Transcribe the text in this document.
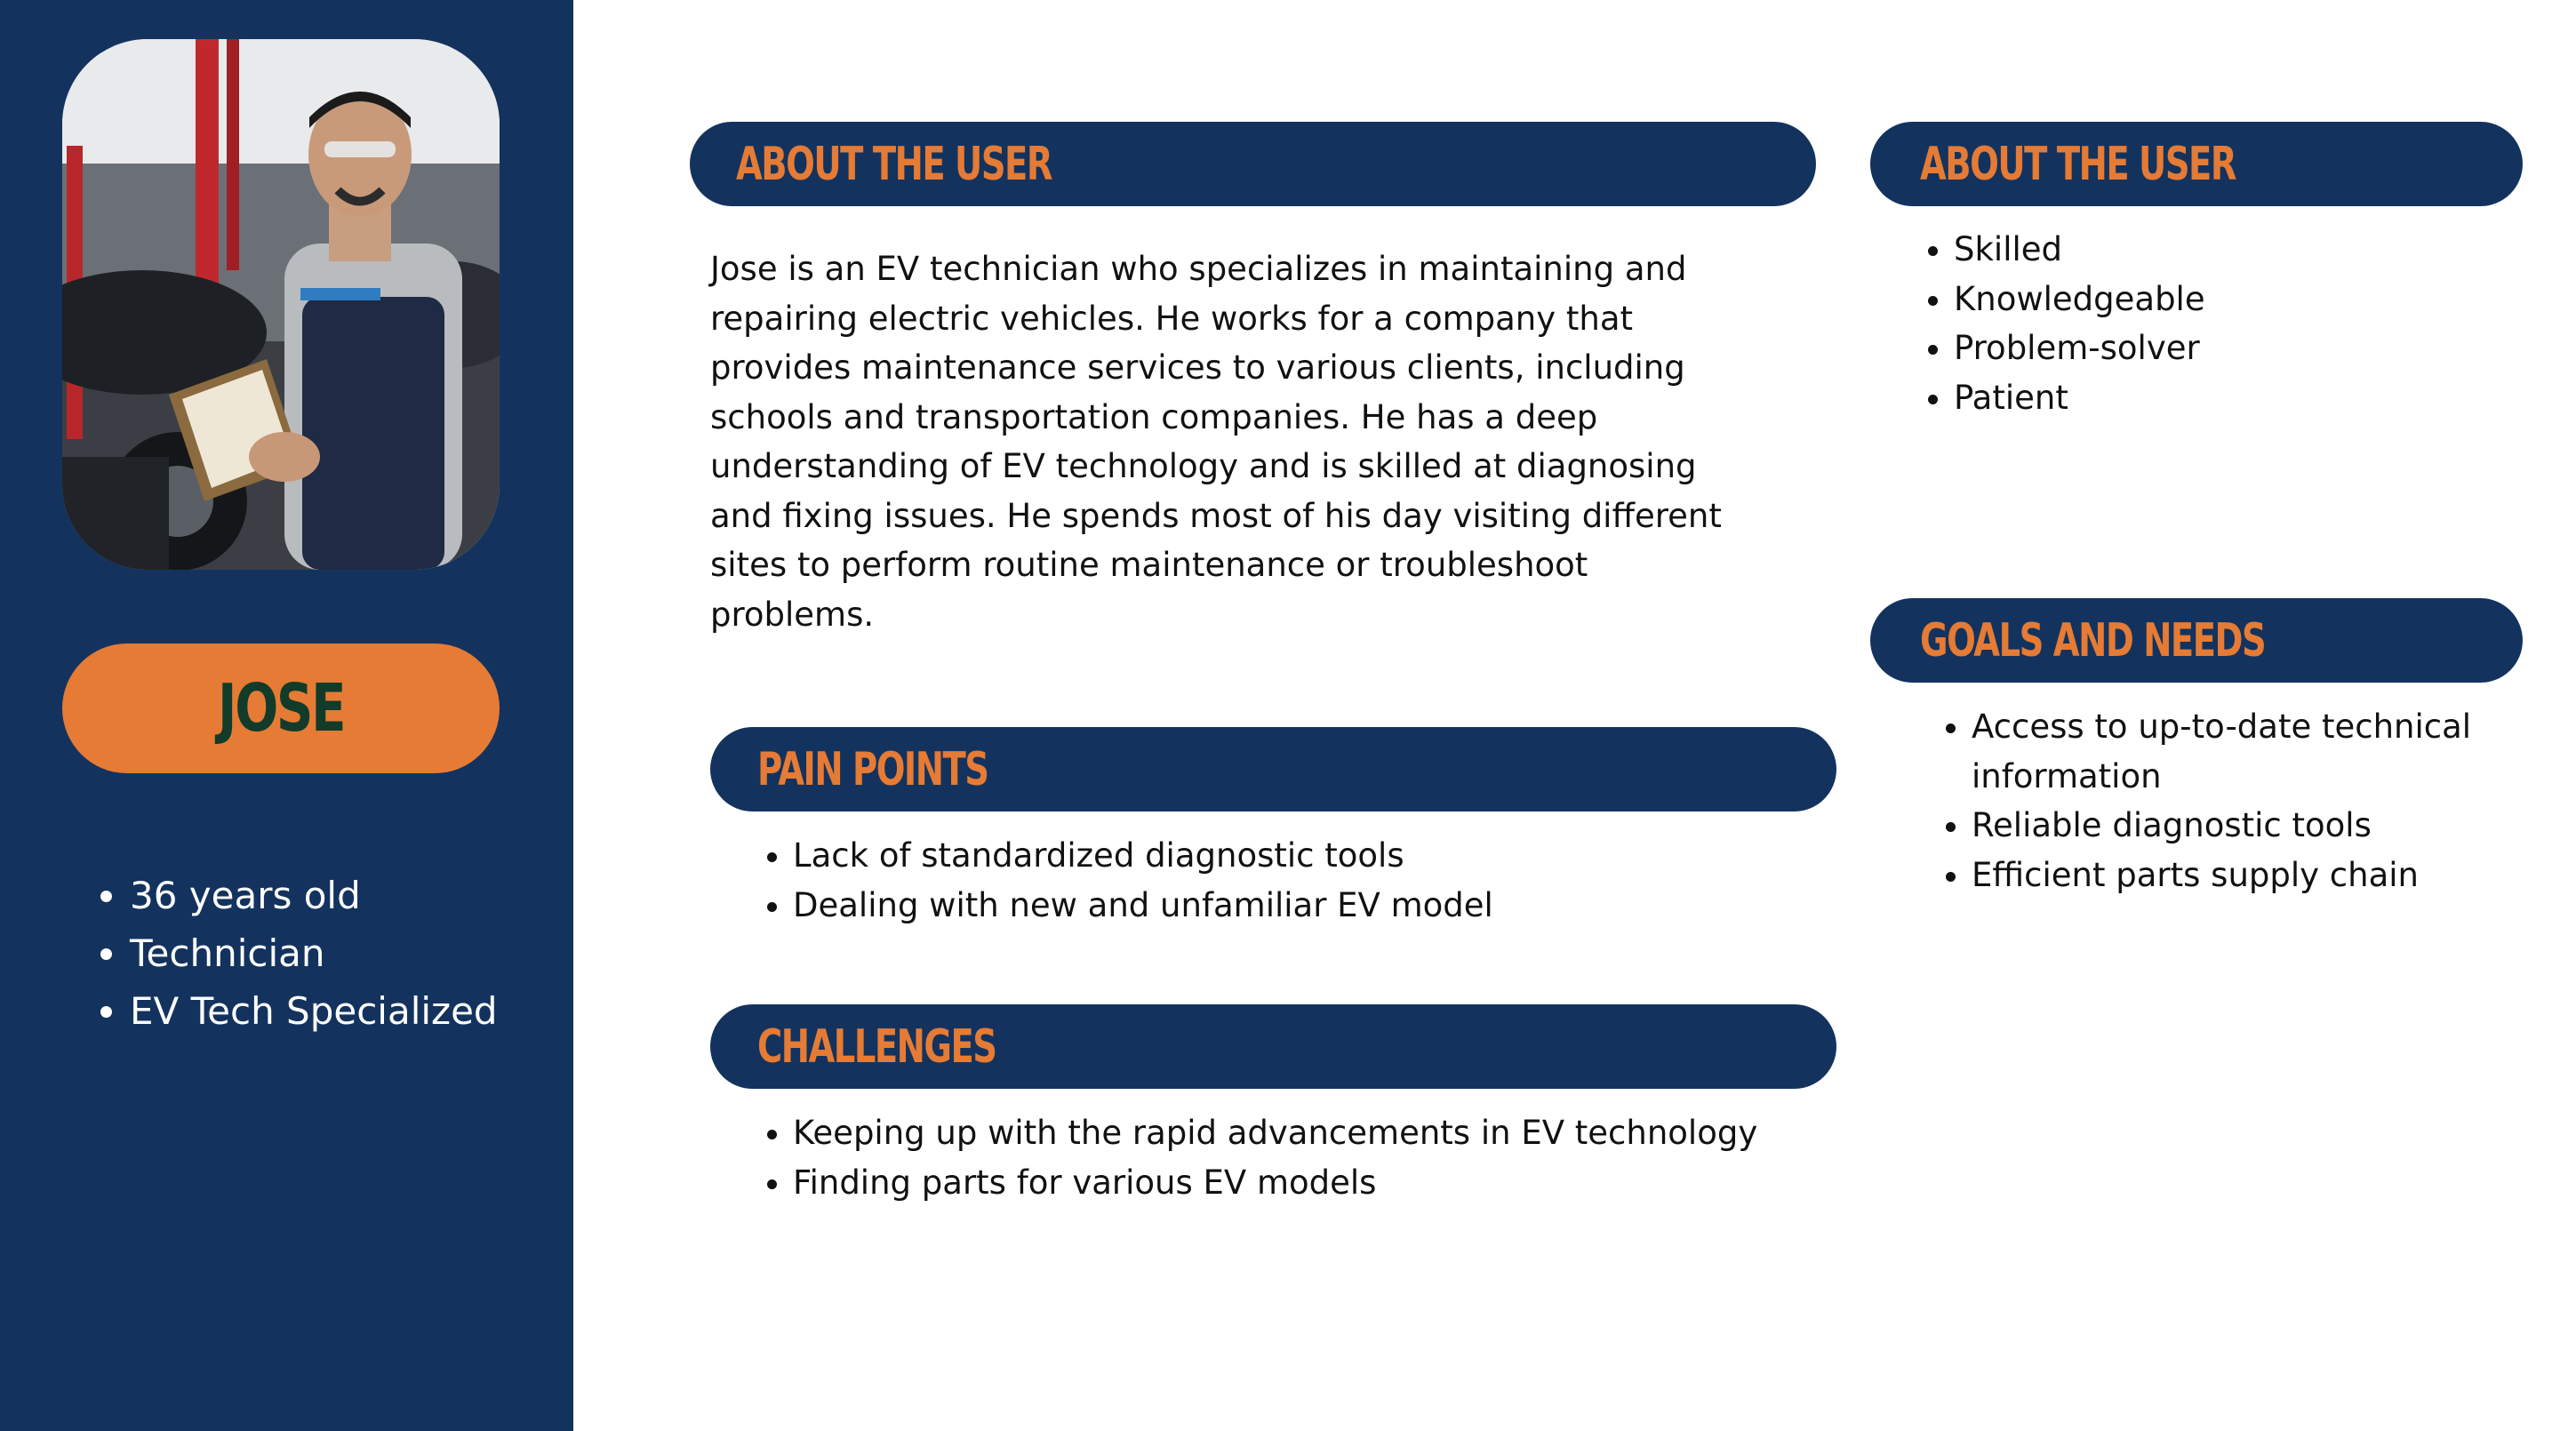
JOSE
• 36 years old
• Technician
• EV Tech Specialized
ABOUT THE USER

Jose is an EV technician who specializes in maintaining and repairing electric vehicles. He works for a company that provides maintenance services to various clients, including schools and transportation companies. He has a deep understanding of EV technology and is skilled at diagnosing and fixing issues. He spends most of his day visiting different sites to perform routine maintenance or troubleshoot problems.

PAIN POINTS
• Lack of standardized diagnostic tools
• Dealing with new and unfamiliar EV model
CHALLENGES
• Keeping up with the rapid advancements in EV technology
• Finding parts for various EV models
ABOUT THE USER
• Skilled
• Knowledgeable
• Problem-solver
• Patient
GOALS AND NEEDS
• Access to up-to-date technical information
• Reliable diagnostic tools
• Efficient parts supply chain
